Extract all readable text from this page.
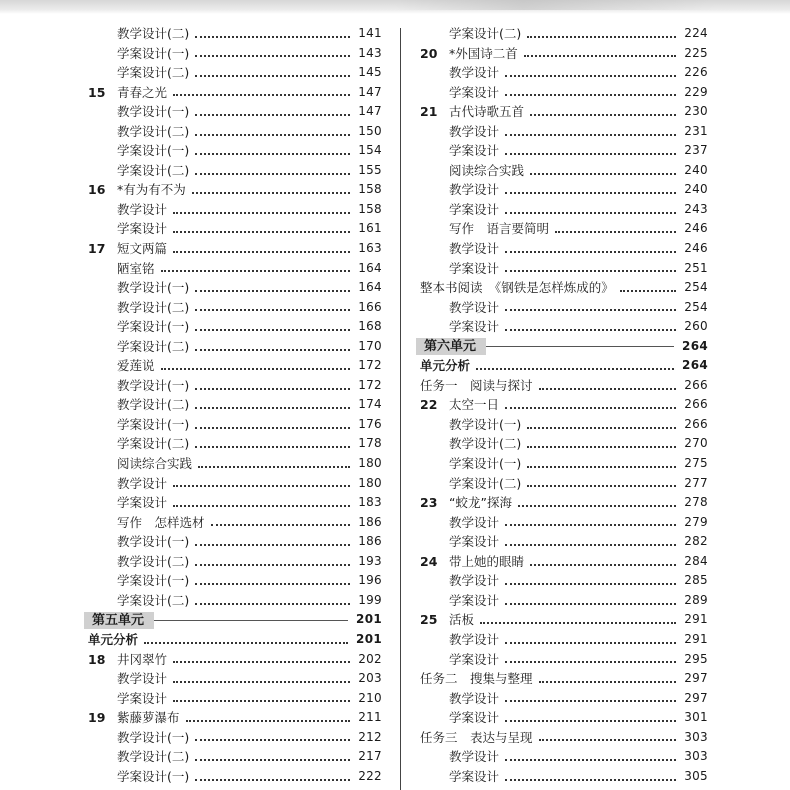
教学设计(二)	141
学案设计(一)	143
学案设计(二)	145
15 青春之光	147
教学设计(一)	147
教学设计(二)	150
学案设计(一)	154
学案设计(二)	155
16 *有为有不为	158
教学设计	158
学案设计	161
17 短文两篇	163
陋室铭	164
教学设计(一)	164
教学设计(二)	166
学案设计(一)	168
学案设计(二)	170
爱莲说	172
教学设计(一)	172
教学设计(二)	174
学案设计(一)	176
学案设计(二)	178
阅读综合实践	180
教学设计	180
学案设计	183
写作　怎样选材	186
教学设计(一)	186
教学设计(二)	193
学案设计(一)	196
学案设计(二)	199
第五单元	201
单元分析	201
18 井冈翠竹	202
教学设计	203
学案设计	210
19 紫藤萝瀑布	211
教学设计(一)	212
教学设计(二)	217
学案设计(一)	222
学案设计(二)	224
20 *外国诗二首	225
教学设计	226
学案设计	229
21 古代诗歌五首	230
教学设计	231
学案设计	237
阅读综合实践	240
教学设计	240
学案设计	243
写作　语言要简明	246
教学设计	246
学案设计	251
整本书阅读　《钢铁是怎样炼成的》	254
教学设计	254
学案设计	260
第六单元	264
单元分析	264
任务一　阅读与探讨	266
22 太空一日	266
教学设计(一)	266
教学设计(二)	270
学案设计(一)	275
学案设计(二)	277
23 “蛟龙”探海	278
教学设计	279
学案设计	282
24 带上她的眼睛	284
教学设计	285
学案设计	289
25 活板	291
教学设计	291
学案设计	295
任务二　搜集与整理	297
教学设计	297
学案设计	301
任务三　表达与呈现	303
教学设计	303
学案设计	305
